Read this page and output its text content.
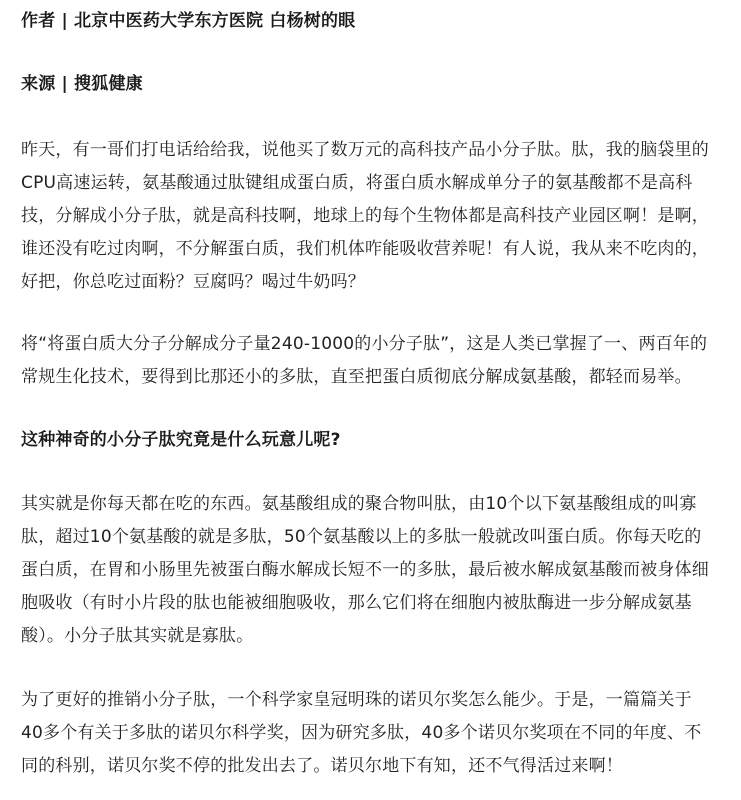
作者 | 北京中医药大学东方医院 白杨树的眼
来源 | 搜狐健康
昨天，有一哥们打电话给给我，说他买了数万元的高科技产品小分子肽。肽，我的脑袋里的
CPU高速运转，氨基酸通过肽键组成蛋白质，将蛋白质水解成单分子的氨基酸都不是高科
技，分解成小分子肽，就是高科技啊，地球上的每个生物体都是高科技产业园区啊！是啊，
谁还没有吃过肉啊，不分解蛋白质，我们机体咋能吸收营养呢！有人说，我从来不吃肉的，
好把，你总吃过面粉？豆腐吗？喝过牛奶吗？
将“将蛋白质大分子分解成分子量240-1000的小分子肽”，这是人类已掌握了一、两百年的
常规生化技术，要得到比那还小的多肽，直至把蛋白质彻底分解成氨基酸，都轻而易举。
这种神奇的小分子肽究竟是什么玩意儿呢?
其实就是你每天都在吃的东西。氨基酸组成的聚合物叫肽，由10个以下氨基酸组成的叫寡
肽，超过10个氨基酸的就是多肽，50个氨基酸以上的多肽一般就改叫蛋白质。你每天吃的
蛋白质，在胃和小肠里先被蛋白酶水解成长短不一的多肽，最后被水解成氨基酸而被身体细
胞吸收（有时小片段的肽也能被细胞吸收，那么它们将在细胞内被肽酶进一步分解成氨基
酸）。小分子肽其实就是寡肽。
为了更好的推销小分子肽，一个科学家皇冠明珠的诺贝尔奖怎么能少。于是，一篇篇关于
40多个有关于多肽的诺贝尔科学奖，因为研究多肽，40多个诺贝尔奖项在不同的年度、不
同的科别，诺贝尔奖不停的批发出去了。诺贝尔地下有知，还不气得活过来啊！
